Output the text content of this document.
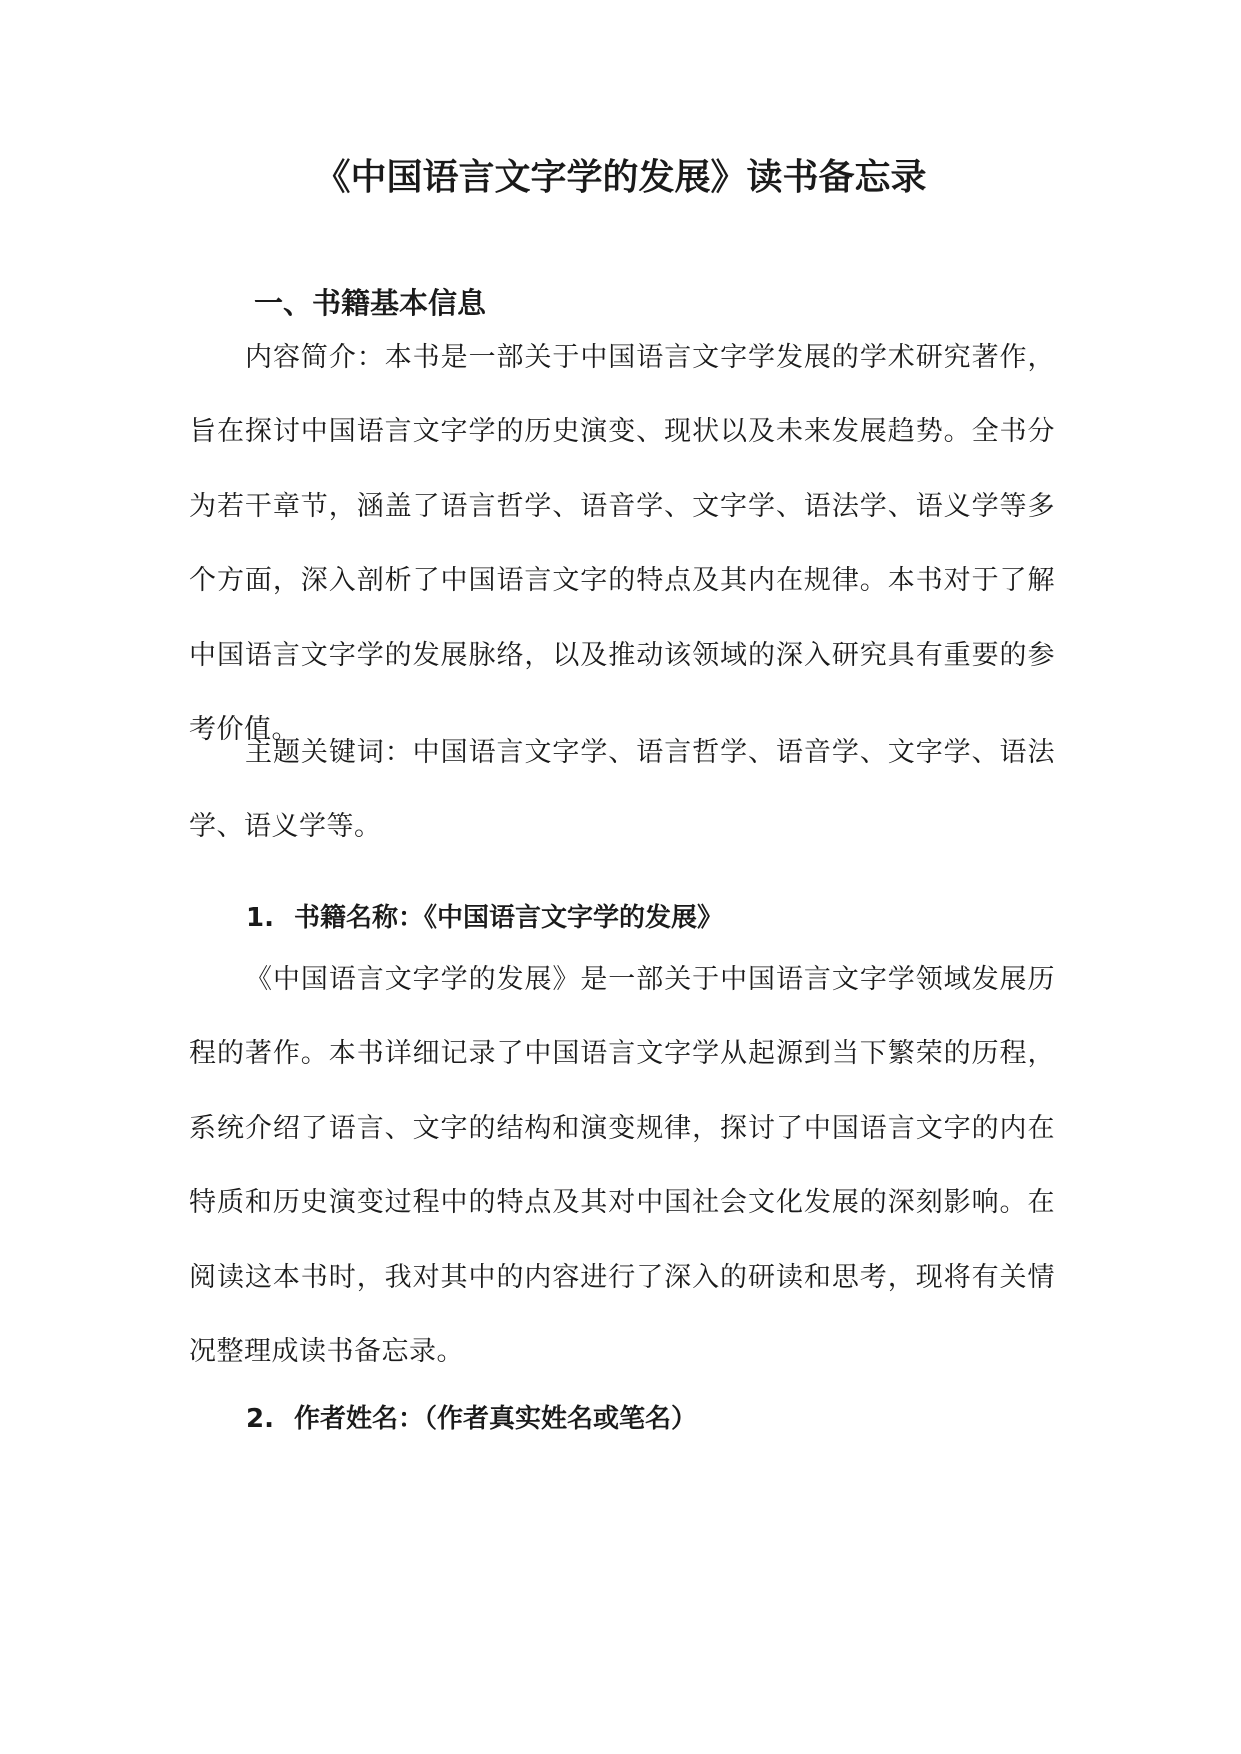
《中国语言文字学的发展》读书备忘录
一、书籍基本信息

内容简介：本书是一部关于中国语言文字学发展的学术研究著作，旨在探讨中国语言文字学的历史演变、现状以及未来发展趋势。全书分为若干章节，涵盖了语言哲学、语音学、文字学、语法学、语义学等多个方面，深入剖析了中国语言文字的特点及其内在规律。本书对于了解中国语言文字学的发展脉络，以及推动该领域的深入研究具有重要的参考价值。

主题关键词：中国语言文字学、语言哲学、语音学、文字学、语法学、语义学等。

1. 书籍名称：《中国语言文字学的发展》

《中国语言文字学的发展》是一部关于中国语言文字学领域发展历程的著作。本书详细记录了中国语言文字学从起源到当下繁荣的历程，系统介绍了语言、文字的结构和演变规律，探讨了中国语言文字的内在特质和历史演变过程中的特点及其对中国社会文化发展的深刻影响。在阅读这本书时，我对其中的内容进行了深入的研读和思考，现将有关情况整理成读书备忘录。

2. 作者姓名：（作者真实姓名或笔名）
